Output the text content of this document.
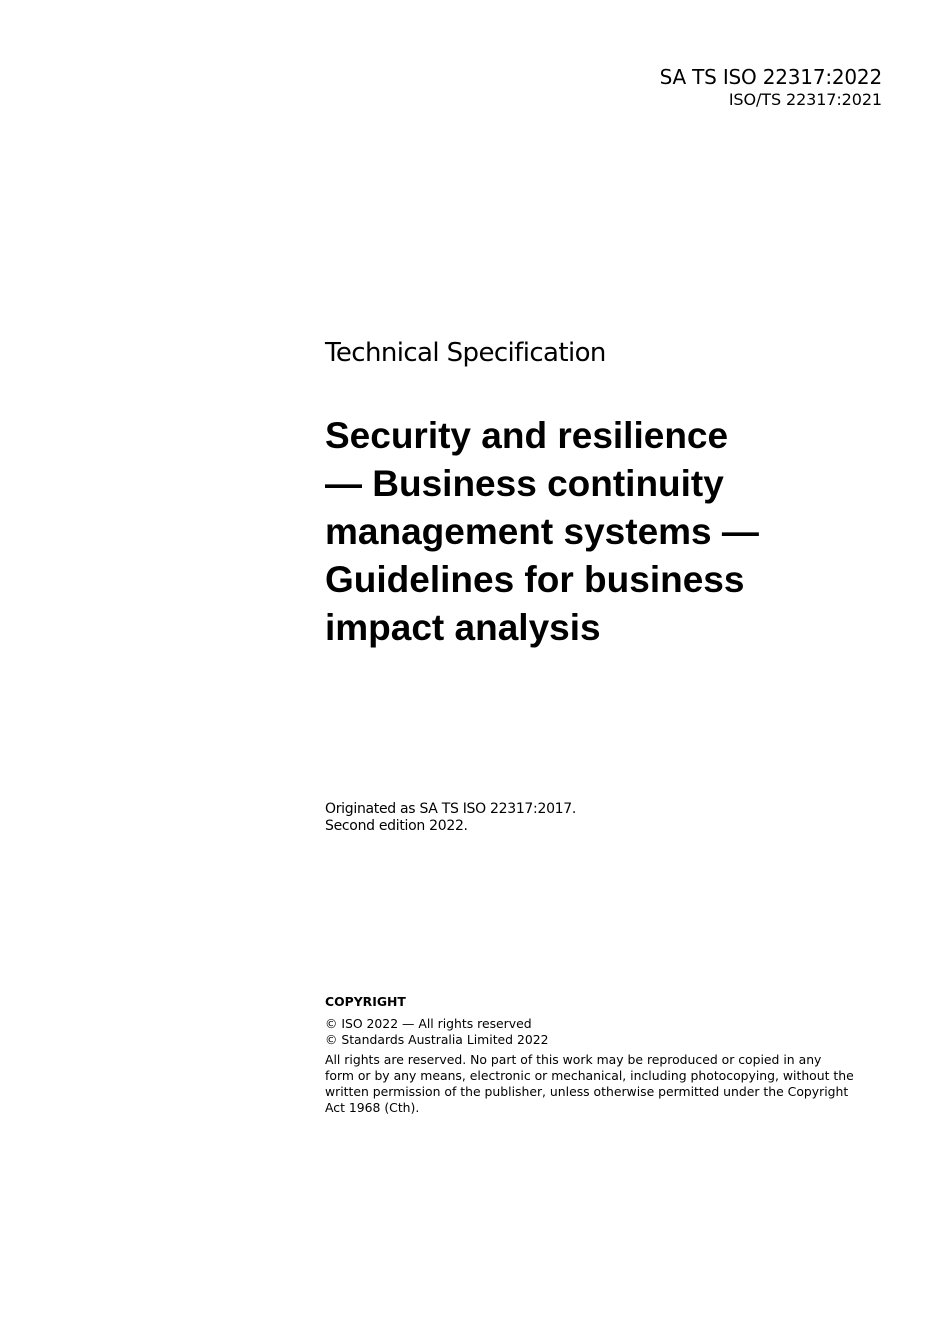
SA TS ISO 22317:2022
ISO/TS 22317:2021
Technical Specification
Security and resilience
— Business continuity
management systems —
Guidelines for business
impact analysis
Originated as SA TS ISO 22317:2017.
Second edition 2022.
COPYRIGHT
© ISO 2022 — All rights reserved
© Standards Australia Limited 2022
All rights are reserved. No part of this work may be reproduced or copied in any
form or by any means, electronic or mechanical, including photocopying, without the
written permission of the publisher, unless otherwise permitted under the Copyright
Act 1968 (Cth).
